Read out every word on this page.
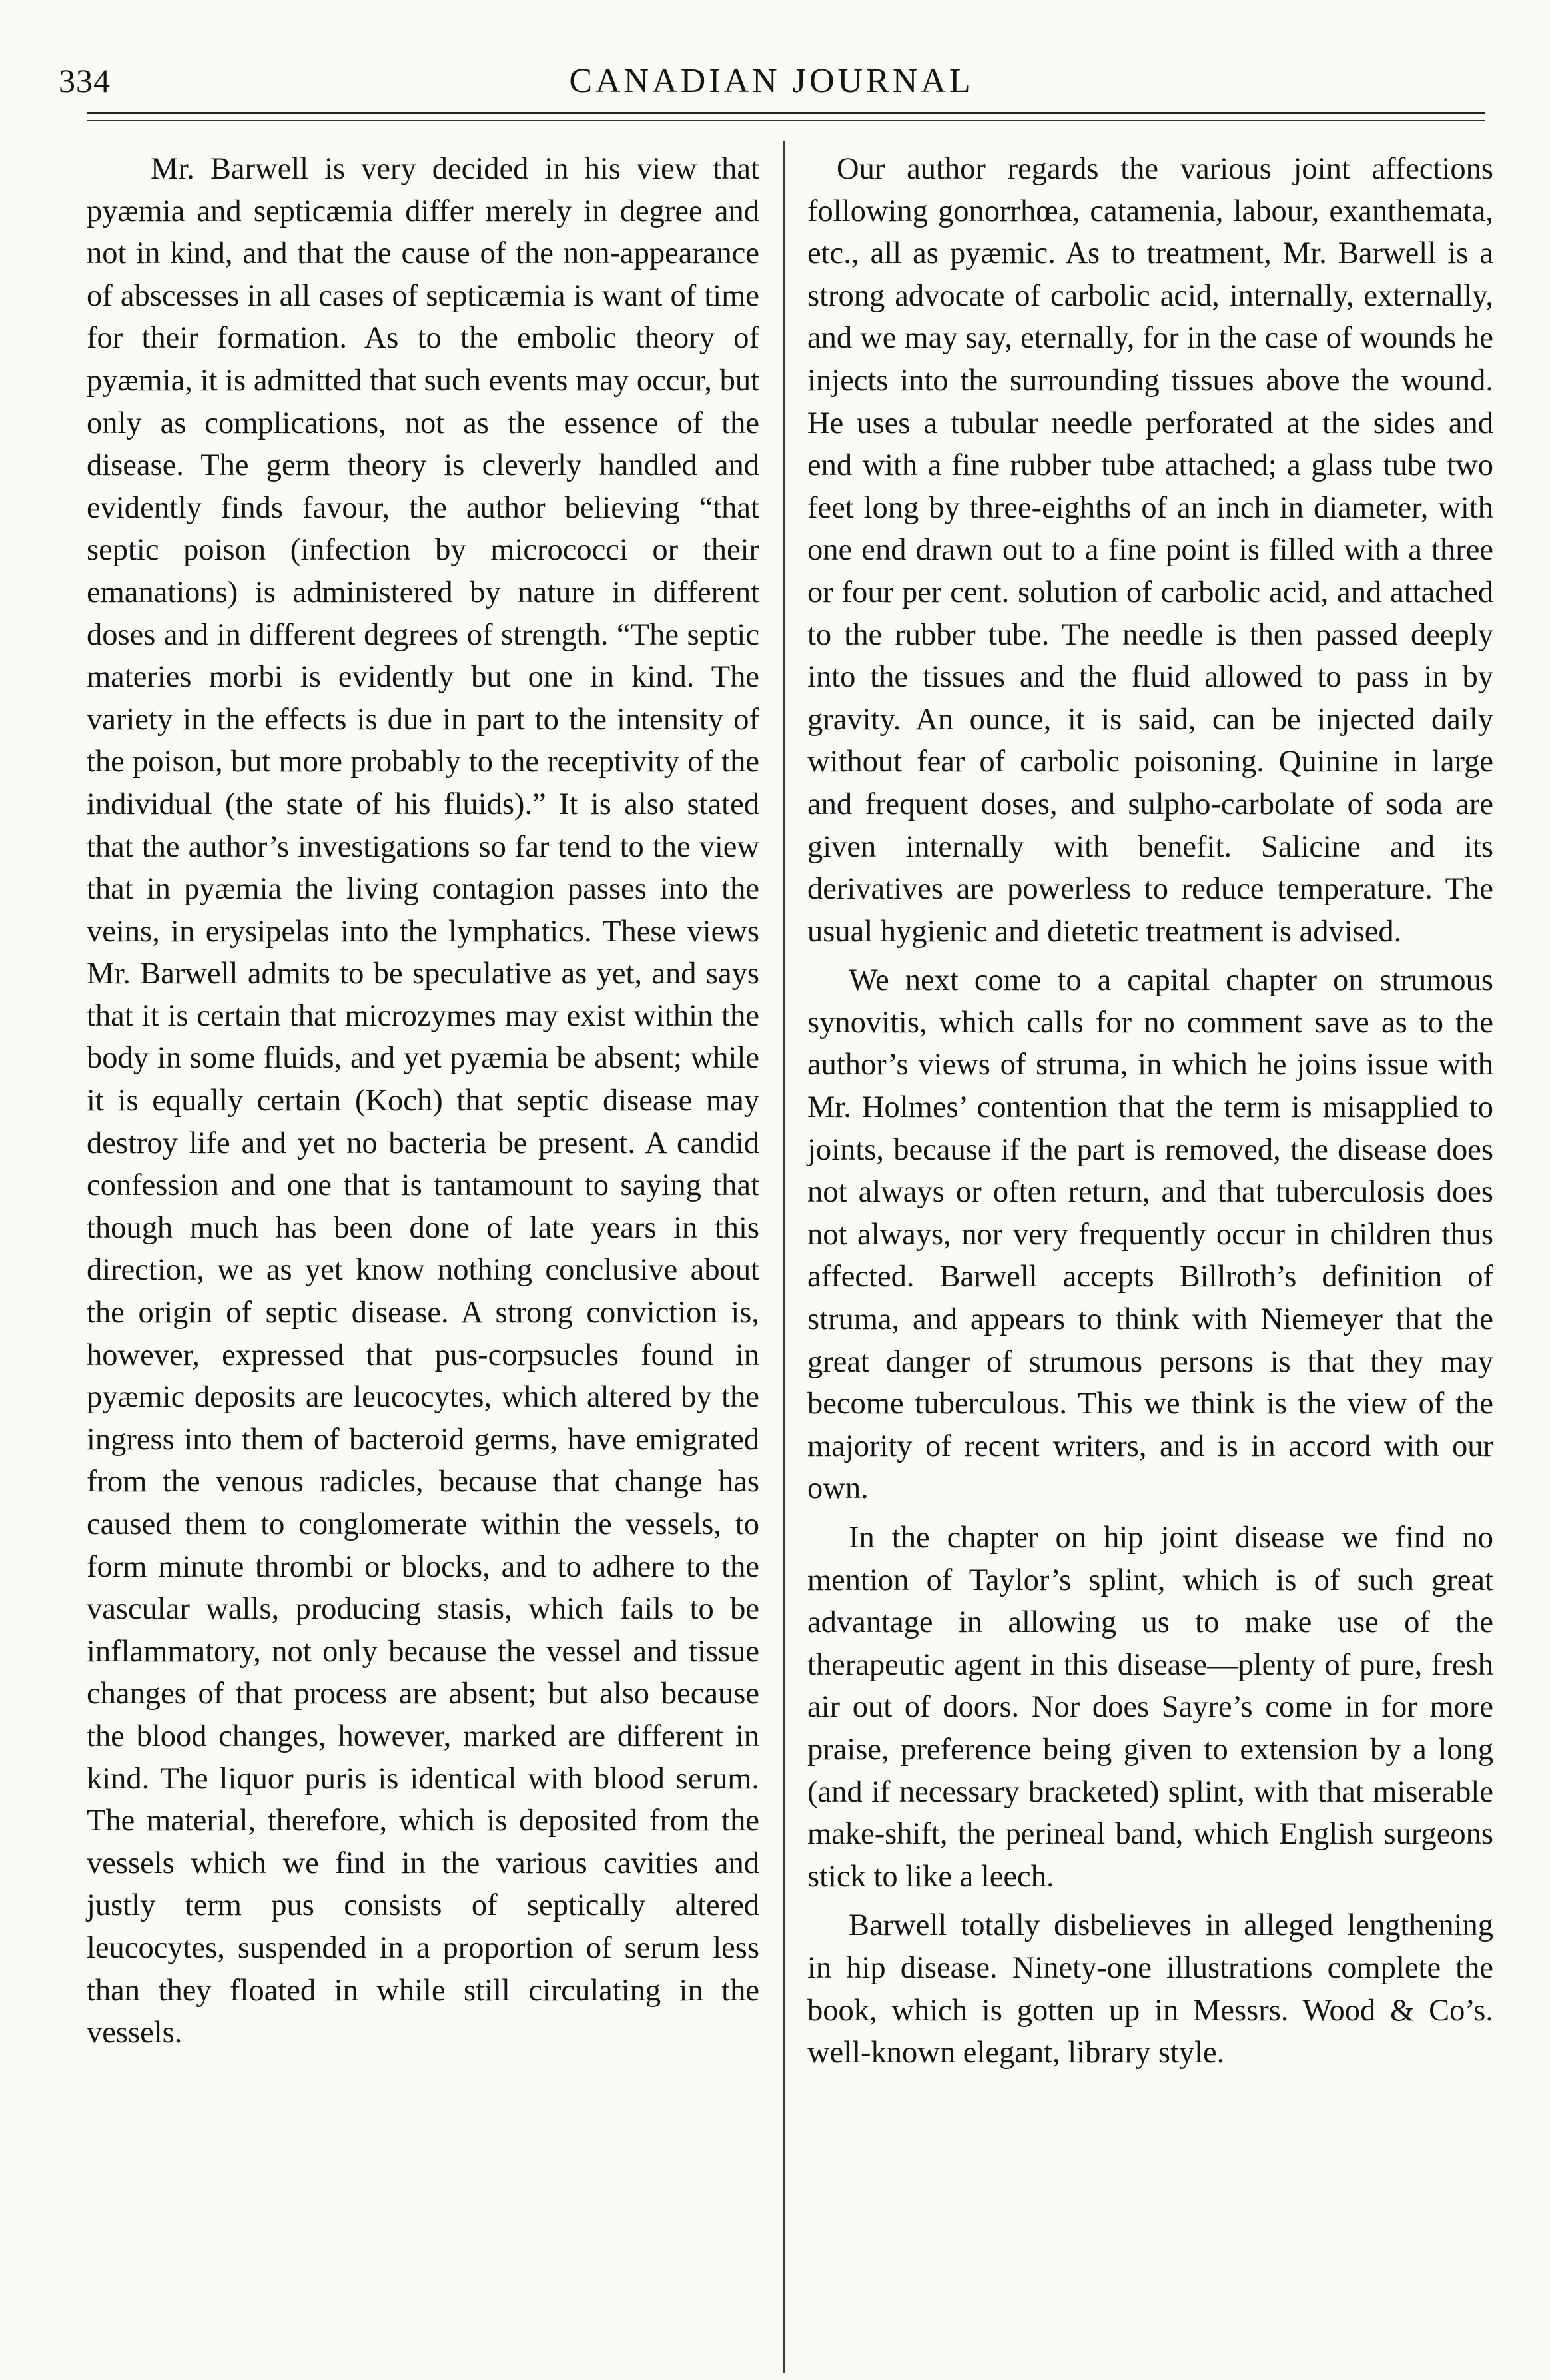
334	CANADIAN JOURNAL

Mr. Barwell is very decided in his view that pyæmia and septicæmia differ merely in degree and not in kind, and that the cause of the non-appearance of abscesses in all cases of septicæmia is want of time for their formation. As to the embolic theory of pyæmia, it is admitted that such events may occur, but only as complications, not as the essence of the disease. The germ theory is cleverly handled and evidently finds favour, the author believing “that septic poison (infection by micrococci or their emanations) is administered by nature in different doses and in different degrees of strength. “The septic materies morbi is evidently but one in kind. The variety in the effects is due in part to the intensity of the poison, but more probably to the receptivity of the individual (the state of his fluids).” It is also stated that the author’s investigations so far tend to the view that in pyæmia the living contagion passes into the veins, in erysipelas into the lymphatics. These views Mr. Barwell admits to be speculative as yet, and says that it is certain that microzymes may exist within the body in some fluids, and yet pyæmia be absent; while it is equally certain (Koch) that septic disease may destroy life and yet no bacteria be present. A candid confession and one that is tantamount to saying that though much has been done of late years in this direction, we as yet know nothing conclusive about the origin of septic disease. A strong conviction is, however, expressed that pus-corpsucles found in pyæmic deposits are leucocytes, which altered by the ingress into them of bacteroid germs, have emigrated from the venous radicles, because that change has caused them to conglomerate within the vessels, to form minute thrombi or blocks, and to adhere to the vascular walls, producing stasis, which fails to be inflammatory, not only because the vessel and tissue changes of that process are absent; but also because the blood changes, however, marked are different in kind. The liquor puris is identical with blood serum. The material, therefore, which is deposited from the vessels which we find in the various cavities and justly term pus consists of septically altered leucocytes, suspended in a proportion of serum less than they floated in while still circulating in the vessels.

Our author regards the various joint affections following gonorrhœa, catamenia, labour, exanthemata, etc., all as pyæmic. As to treatment, Mr. Barwell is a strong advocate of carbolic acid, internally, externally, and we may say, eternally, for in the case of wounds he injects into the surrounding tissues above the wound. He uses a tubular needle perforated at the sides and end with a fine rubber tube attached; a glass tube two feet long by three-eighths of an inch in diameter, with one end drawn out to a fine point is filled with a three or four per cent. solution of carbolic acid, and attached to the rubber tube. The needle is then passed deeply into the tissues and the fluid allowed to pass in by gravity. An ounce, it is said, can be injected daily without fear of carbolic poisoning. Quinine in large and frequent doses, and sulpho-carbolate of soda are given internally with benefit. Salicine and its derivatives are powerless to reduce temperature. The usual hygienic and dietetic treatment is advised.

We next come to a capital chapter on strumous synovitis, which calls for no comment save as to the author’s views of struma, in which he joins issue with Mr. Holmes’ contention that the term is misapplied to joints, because if the part is removed, the disease does not always or often return, and that tuberculosis does not always, nor very frequently occur in children thus affected. Barwell accepts Billroth’s definition of struma, and appears to think with Niemeyer that the great danger of strumous persons is that they may become tuberculous. This we think is the view of the majority of recent writers, and is in accord with our own.

In the chapter on hip joint disease we find no mention of Taylor’s splint, which is of such great advantage in allowing us to make use of the therapeutic agent in this disease—plenty of pure, fresh air out of doors. Nor does Sayre’s come in for more praise, preference being given to extension by a long (and if necessary bracketed) splint, with that miserable make-shift, the perineal band, which English surgeons stick to like a leech.

Barwell totally disbelieves in alleged lengthening in hip disease. Ninety-one illustrations complete the book, which is gotten up in Messrs. Wood & Co’s. well-known elegant, library style.
